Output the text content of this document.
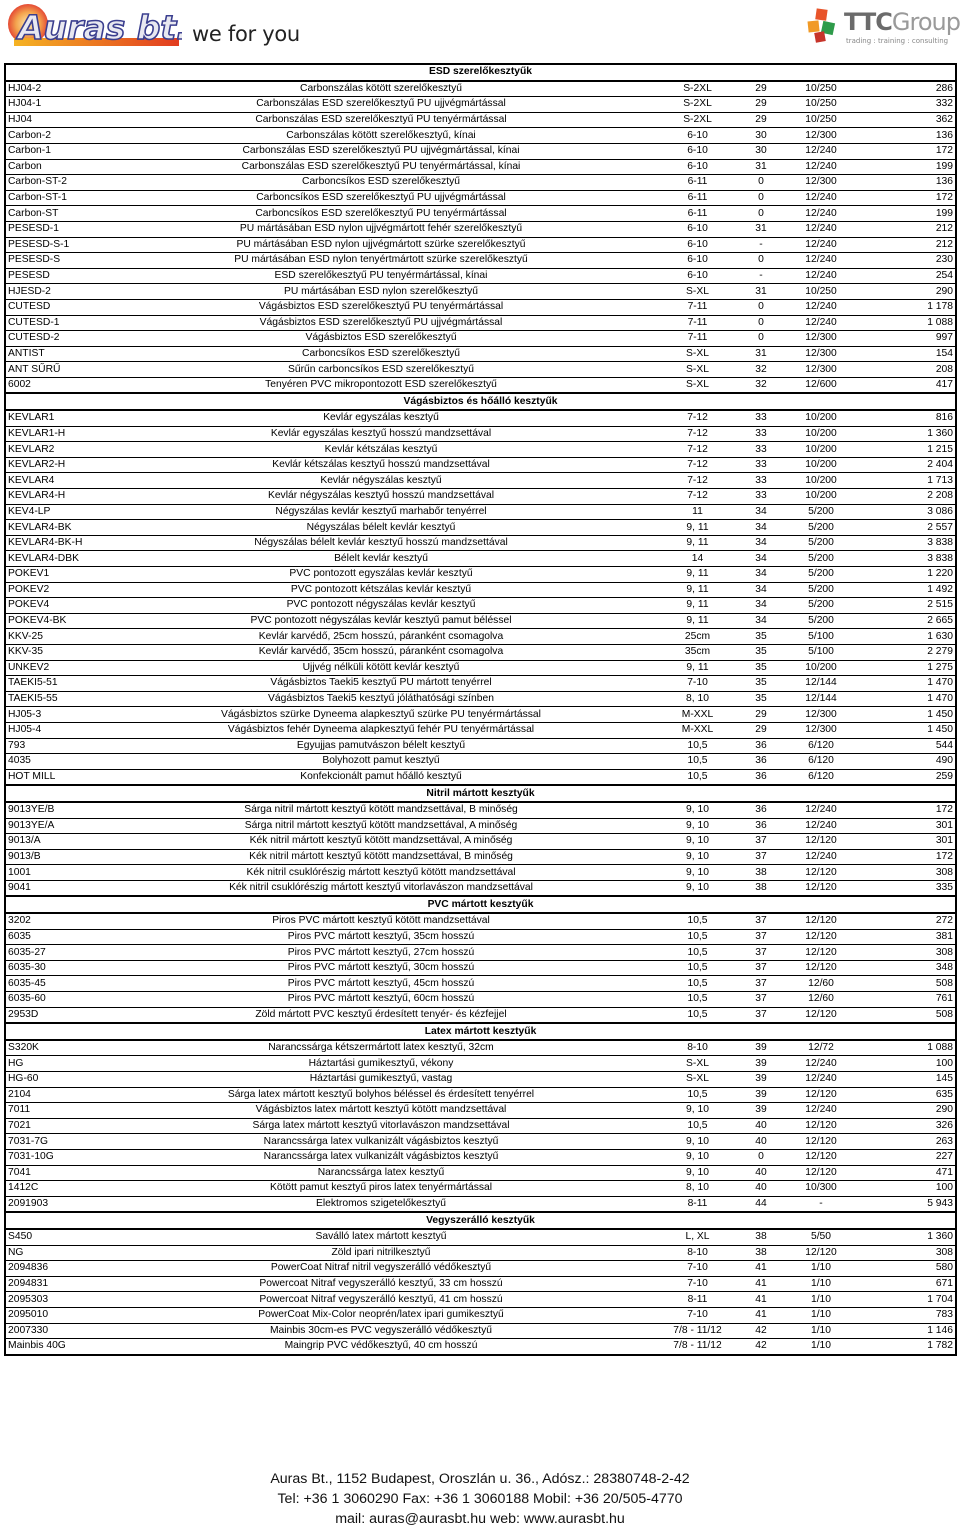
Auras bt. we for you	TTCGroup
trading : training : consulting
ESD szerelőkesztyűk					
HJ04-2	Carbonszálas kötött szerelőkesztyű	S-2XL	29	10/250	286
HJ04-1	Carbonszálas ESD szerelőkesztyű PU ujjvégmártással	S-2XL	29	10/250	332
HJ04	Carbonszálas ESD szerelőkesztyű PU tenyérmártással	S-2XL	29	10/250	362
Carbon-2	Carbonszálas kötött szerelőkesztyű, kínai	6-10	30	12/300	136
Carbon-1	Carbonszálas ESD szerelőkesztyű PU ujjvégmártással, kínai	6-10	30	12/240	172
Carbon	Carbonszálas ESD szerelőkesztyű PU tenyérmártással, kínai	6-10	31	12/240	199
Carbon-ST-2	Carboncsíkos ESD szerelőkesztyű	6-11	0	12/300	136
Carbon-ST-1	Carboncsíkos ESD szerelőkesztyű PU ujjvégmártással	6-11	0	12/240	172
Carbon-ST	Carboncsíkos ESD szerelőkesztyű PU tenyérmártással	6-11	0	12/240	199
PESESD-1	PU mártásában ESD nylon ujjvégmártott fehér szerelőkesztyű	6-10	31	12/240	212
PESESD-S-1	PU mártásában ESD nylon ujjvégmártott szürke szerelőkesztyű	6-10	-	12/240	212
PESESD-S	PU mártásában ESD nylon tenyértmártott szürke szerelőkesztyű	6-10	0	12/240	230
PESESD	ESD szerelőkesztyű PU tenyérmártással, kínai	6-10	-	12/240	254
HJESD-2	PU mártásában ESD nylon szerelőkesztyű	S-XL	31	10/250	290
CUTESD	Vágásbiztos ESD szerelőkesztyű PU tenyérmártással	7-11	0	12/240	1 178
CUTESD-1	Vágásbiztos ESD szerelőkesztyű PU ujjvégmártással	7-11	0	12/240	1 088
CUTESD-2	Vágásbiztos ESD szerelőkesztyű	7-11	0	12/300	997
ANTIST	Carboncsíkos ESD szerelőkesztyű	S-XL	31	12/300	154
ANT SŰRŰ	Sűrűn carboncsíkos ESD szerelőkesztyű	S-XL	32	12/300	208
6002	Tenyéren PVC mikropontozott ESD szerelőkesztyű	S-XL	32	12/600	417
Vágásbiztos és hőálló kesztyűk					
KEVLAR1	Kevlár egyszálas kesztyű	7-12	33	10/200	816
KEVLAR1-H	Kevlár egyszálas kesztyű hosszú mandzsettával	7-12	33	10/200	1 360
KEVLAR2	Kevlár kétszálas kesztyű	7-12	33	10/200	1 215
KEVLAR2-H	Kevlár kétszálas kesztyű hosszú mandzsettával	7-12	33	10/200	2 404
KEVLAR4	Kevlár négyszálas kesztyű	7-12	33	10/200	1 713
KEVLAR4-H	Kevlár négyszálas kesztyű hosszú mandzsettával	7-12	33	10/200	2 208
KEV4-LP	Négyszálas kevlár kesztyű marhabőr tenyérrel	11	34	5/200	3 086
KEVLAR4-BK	Négyszálas bélelt kevlár kesztyű	9, 11	34	5/200	2 557
KEVLAR4-BK-H	Négyszálas bélelt kevlár kesztyű hosszú mandzsettával	9, 11	34	5/200	3 838
KEVLAR4-DBK	Bélelt kevlár kesztyű	14	34	5/200	3 838
POKEV1	PVC pontozott egyszálas kevlár kesztyű	9, 11	34	5/200	1 220
POKEV2	PVC pontozott kétszálas kevlár kesztyű	9, 11	34	5/200	1 492
POKEV4	PVC pontozott négyszálas kevlár kesztyű	9, 11	34	5/200	2 515
POKEV4-BK	PVC pontozott négyszálas kevlár kesztyű pamut béléssel	9, 11	34	5/200	2 665
KKV-25	Kevlár karvédő, 25cm hosszú, páranként csomagolva	25cm	35	5/100	1 630
KKV-35	Kevlár karvédő, 35cm hosszú, páranként csomagolva	35cm	35	5/100	2 279
UNKEV2	Ujjvég nélküli kötött kevlár kesztyű	9, 11	35	10/200	1 275
TAEKI5-51	Vágásbiztos Taeki5 kesztyű PU mártott tenyérrel	7-10	35	12/144	1 470
TAEKI5-55	Vágásbiztos Taeki5 kesztyű jóláthatósági színben	8, 10	35	12/144	1 470
HJ05-3	Vágásbiztos szürke Dyneema alapkesztyű szürke PU tenyérmártással	M-XXL	29	12/300	1 450
HJ05-4	Vágásbiztos fehér Dyneema alapkesztyű fehér PU tenyérmártással	M-XXL	29	12/300	1 450
793	Egyujjas pamutvászon bélelt kesztyű	10,5	36	6/120	544
4035	Bolyhozott pamut kesztyű	10,5	36	6/120	490
HOT MILL	Konfekcionált pamut hőálló kesztyű	10,5	36	6/120	259
Nitril mártott kesztyűk					
9013YE/B	Sárga nitril mártott kesztyű kötött mandzsettával, B minőség	9, 10	36	12/240	172
9013YE/A	Sárga nitril mártott kesztyű kötött mandzsettával, A minőség	9, 10	36	12/240	301
9013/A	Kék nitril mártott kesztyű kötött mandzsettával, A minőség	9, 10	37	12/120	301
9013/B	Kék nitril mártott kesztyű kötött mandzsettával, B minőség	9, 10	37	12/240	172
1001	Kék nitril csuklórészig mártott kesztyű kötött mandzsettával	9, 10	38	12/120	308
9041	Kék nitril csuklórészig mártott kesztyű vitorlavászon mandzsettával	9, 10	38	12/120	335
PVC mártott kesztyűk					
3202	Piros PVC mártott kesztyű kötött mandzsettával	10,5	37	12/120	272
6035	Piros PVC mártott kesztyű, 35cm hosszú	10,5	37	12/120	381
6035-27	Piros PVC mártott kesztyű, 27cm hosszú	10,5	37	12/120	308
6035-30	Piros PVC mártott kesztyű, 30cm hosszú	10,5	37	12/120	348
6035-45	Piros PVC mártott kesztyű, 45cm hosszú	10,5	37	12/60	508
6035-60	Piros PVC mártott kesztyű, 60cm hosszú	10,5	37	12/60	761
2953D	Zöld mártott PVC kesztyű érdesített tenyér- és kézfejjel	10,5	37	12/120	508
Latex mártott kesztyűk					
S320K	Narancssárga kétszermártott latex kesztyű, 32cm	8-10	39	12/72	1 088
HG	Háztartási gumikesztyű, vékony	S-XL	39	12/240	100
HG-60	Háztartási gumikesztyű, vastag	S-XL	39	12/240	145
2104	Sárga latex mártott kesztyű bolyhos béléssel és érdesített tenyérrel	10,5	39	12/120	635
7011	Vágásbiztos latex mártott kesztyű kötött mandzsettával	9, 10	39	12/240	290
7021	Sárga latex mártott kesztyű vitorlavászon mandzsettával	10,5	40	12/120	326
7031-7G	Narancssárga latex vulkanizált vágásbiztos kesztyű	9, 10	40	12/120	263
7031-10G	Narancssárga latex vulkanizált vágásbiztos kesztyű	9, 10	0	12/120	227
7041	Narancssárga latex kesztyű	9, 10	40	12/120	471
1412C	Kötött pamut kesztyű piros latex tenyérmártással	8, 10	40	10/300	100
2091903	Elektromos szigetelőkesztyű	8-11	44	-	5 943
Vegyszerálló kesztyűk					
S450	Saválló latex mártott kesztyű	L, XL	38	5/50	1 360
NG	Zöld ipari nitrilkesztyű	8-10	38	12/120	308
2094836	PowerCoat Nitraf nitril vegyszerálló védőkesztyű	7-10	41	1/10	580
2094831	Powercoat Nitraf vegyszerálló kesztyű, 33 cm hosszú	7-10	41	1/10	671
2095303	Powercoat Nitraf vegyszerálló kesztyű, 41 cm hosszú	8-11	41	1/10	1 704
2095010	PowerCoat Mix-Color neoprén/latex ipari gumikesztyű	7-10	41	1/10	783
2007330	Mainbis 30cm-es PVC vegyszerálló védőkesztyű	7/8 - 11/12	42	1/10	1 146
Mainbis 40G	Maingrip PVC védőkesztyű, 40 cm hosszú	7/8 - 11/12	42	1/10	1 782
Auras Bt., 1152 Budapest, Oroszlán u. 36., Adósz.: 28380748-2-42
Tel: +36 1 3060290 Fax: +36 1 3060188 Mobil: +36 20/505-4770
mail: auras@aurasbt.hu web: www.aurasbt.hu
